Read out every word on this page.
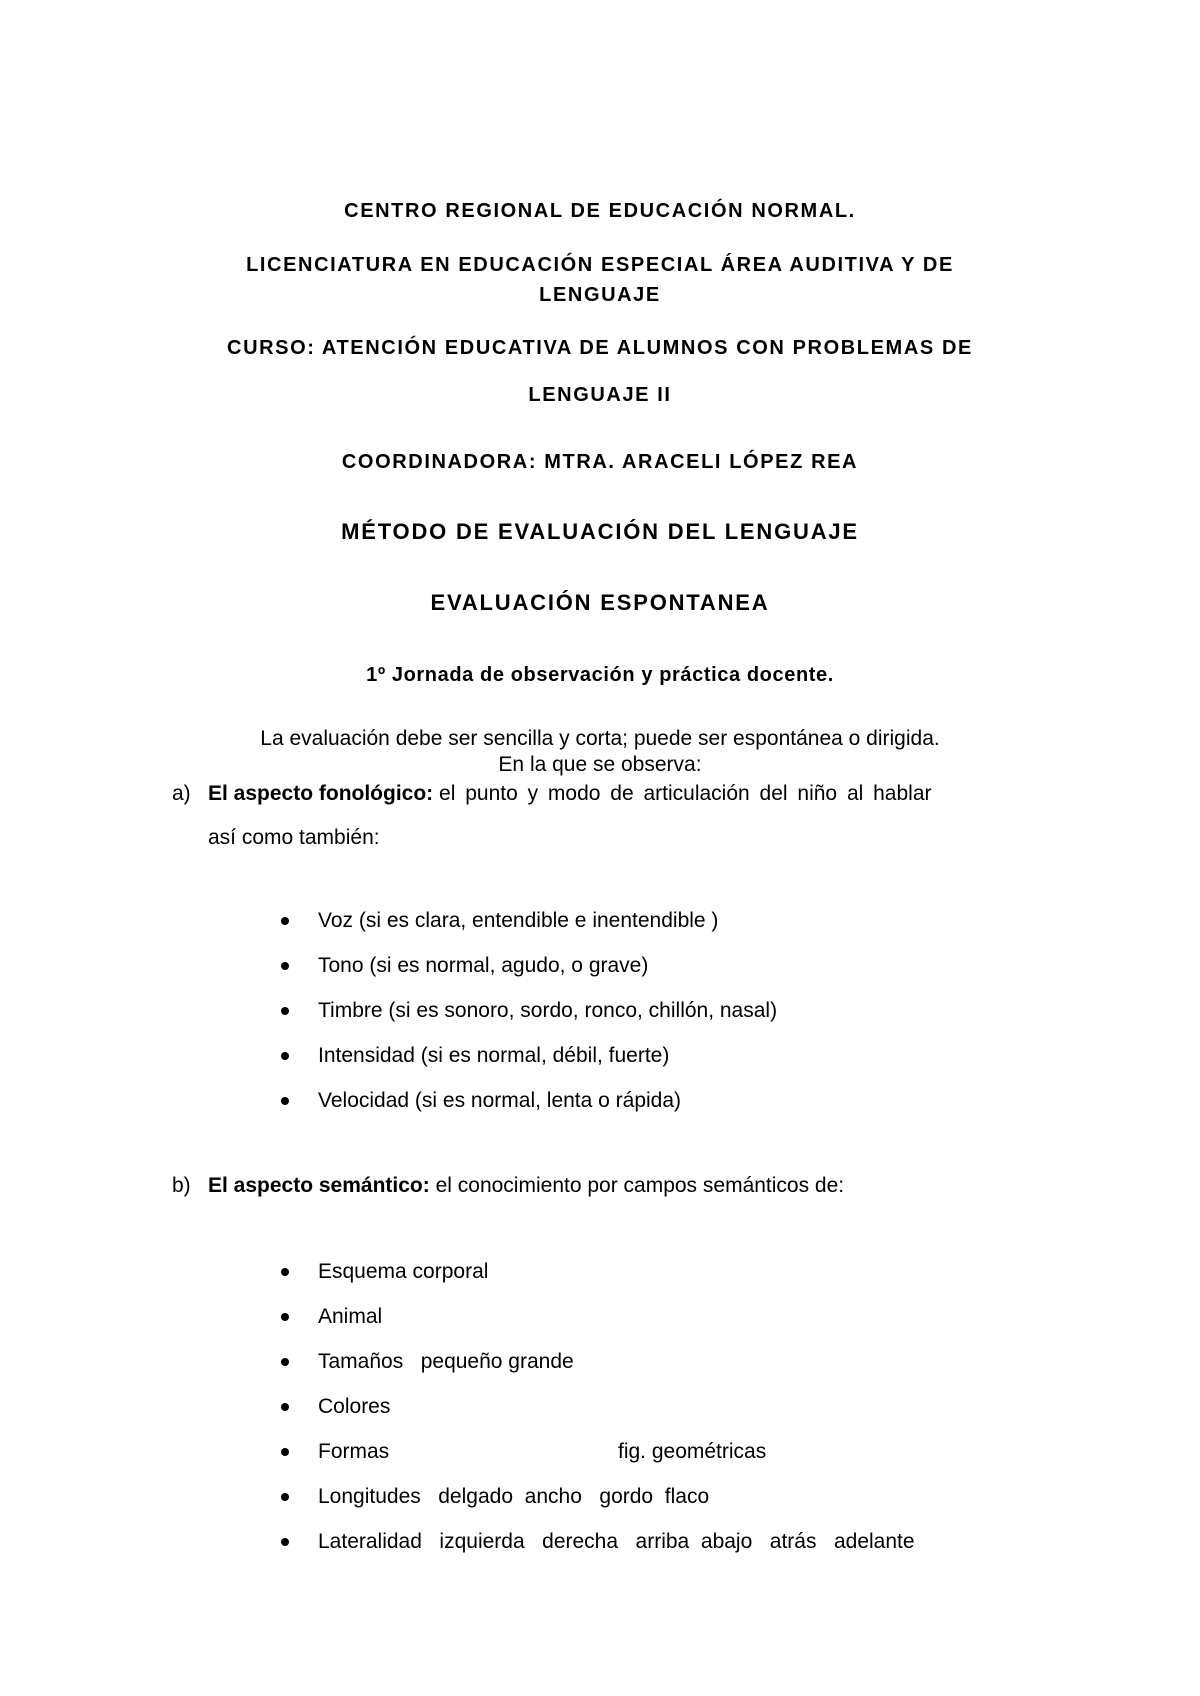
CENTRO REGIONAL DE EDUCACIÓN NORMAL.
LICENCIATURA EN EDUCACIÓN ESPECIAL ÁREA AUDITIVA Y DE
LENGUAJE
CURSO: ATENCIÓN EDUCATIVA DE ALUMNOS CON PROBLEMAS DE
LENGUAJE II
COORDINADORA: MTRA. ARACELI LÓPEZ REA
MÉTODO DE EVALUACIÓN DEL LENGUAJE
EVALUACIÓN ESPONTANEA
1º Jornada de observación y práctica docente.
La evaluación debe ser sencilla y corta; puede ser espontánea o dirigida.
En la que se observa:
a) El aspecto fonológico: el punto y modo de articulación del niño al hablar
así como también:
Voz (si es clara, entendible e inentendible )
Tono (si es normal, agudo, o grave)
Timbre (si es sonoro, sordo, ronco, chillón, nasal)
Intensidad (si es normal, débil, fuerte)
Velocidad (si es normal, lenta o rápida)
b) El aspecto semántico: el conocimiento por campos semánticos de:
Esquema corporal
Animal
Tamaños   pequeño grande
Colores
Formas	fig. geométricas
Longitudes   delgado  ancho   gordo  flaco
Lateralidad   izquierda   derecha   arriba  abajo   atrás   adelante
